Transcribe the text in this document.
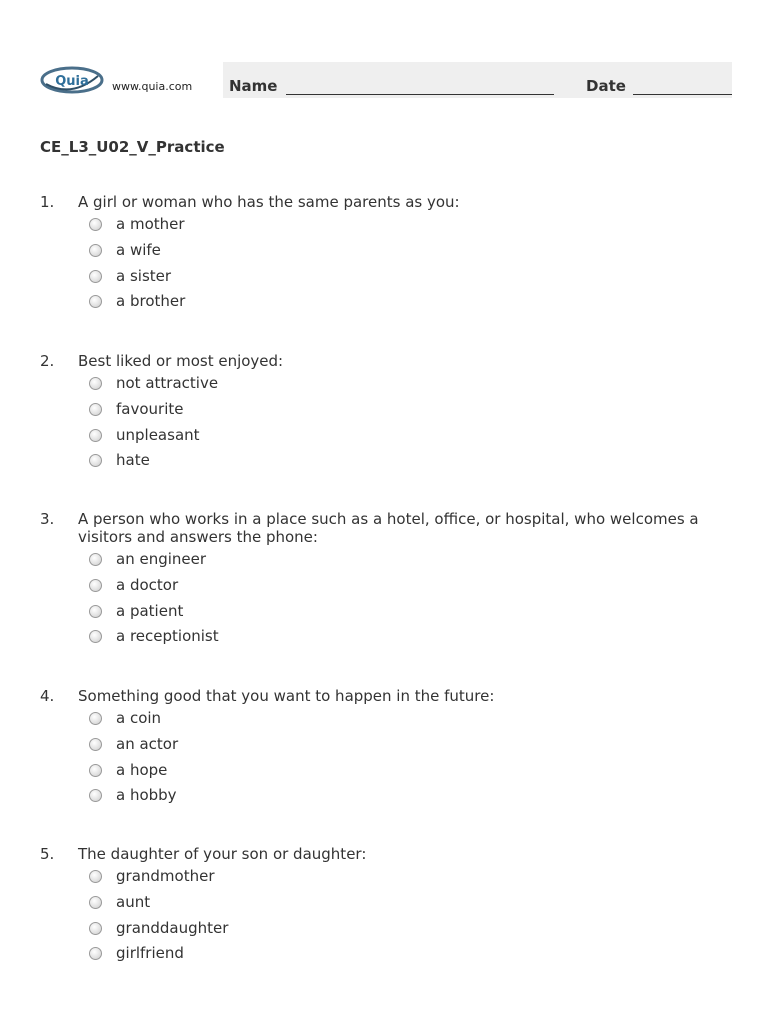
Quia www.quia.com Name	Date
CE_L3_U02_V_Practice
1. A girl or woman who has the same parents as you:
a mother
a wife
a sister
a brother
2. Best liked or most enjoyed:
not attractive
favourite
unpleasant
hate
3. A person who works in a place such as a hotel, office, or hospital, who welcomes a
visitors and answers the phone:
an engineer
a doctor
a patient
a receptionist
4. Something good that you want to happen in the future:
a coin
an actor
a hope
a hobby
5. The daughter of your son or daughter:
grandmother
aunt
granddaughter
girlfriend
